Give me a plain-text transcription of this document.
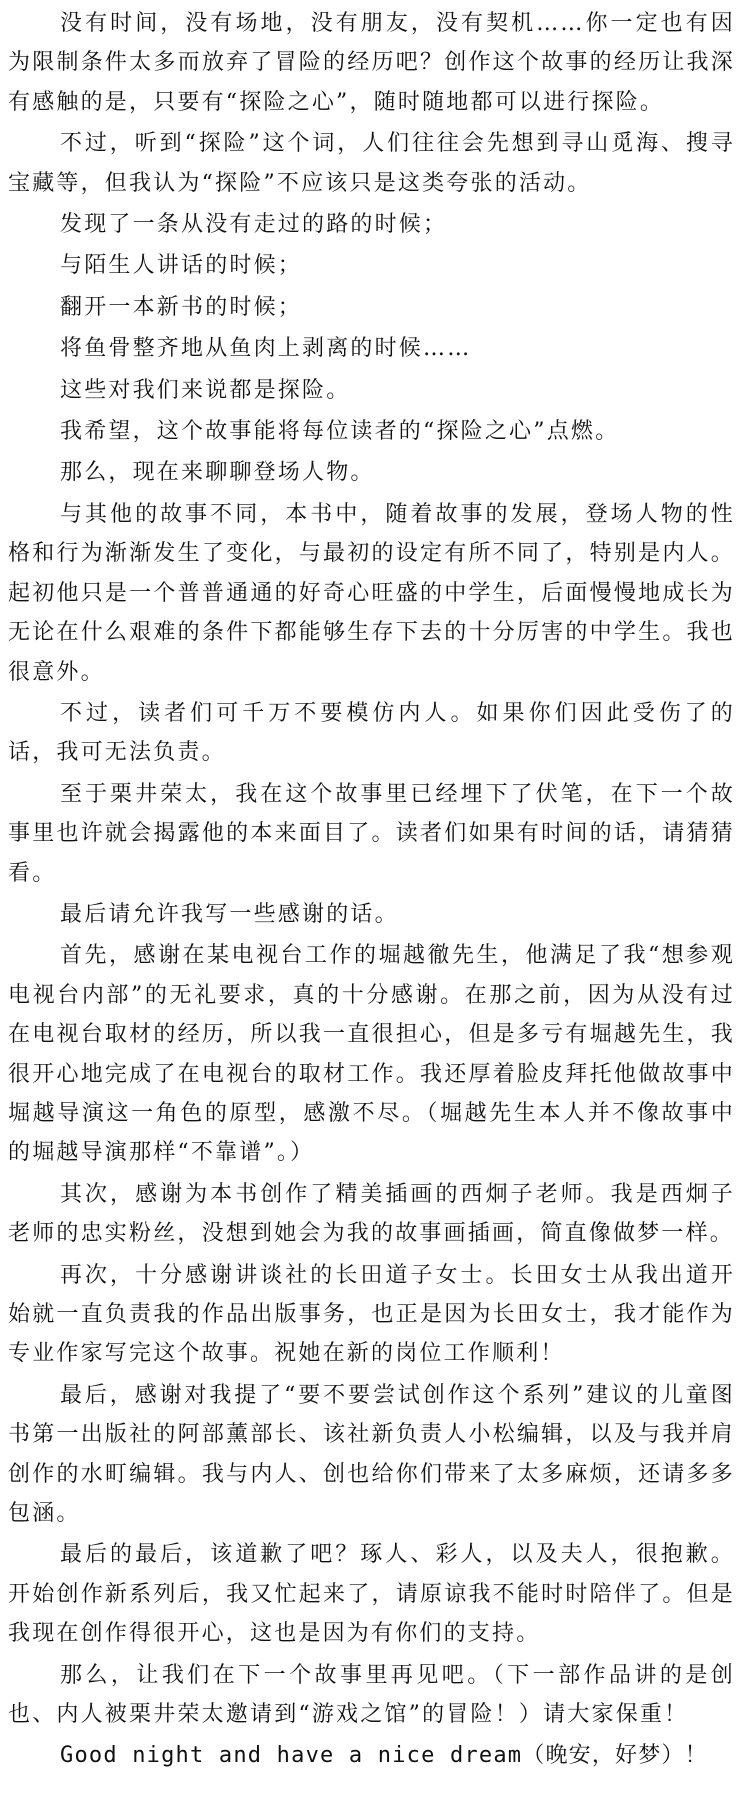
没有时间，没有场地，没有朋友，没有契机……你一定也有因为限制条件太多而放弃了冒险的经历吧？创作这个故事的经历让我深有感触的是，只要有“探险之心”，随时随地都可以进行探险。

不过，听到“探险”这个词，人们往往会先想到寻山觅海、搜寻宝藏等，但我认为“探险”不应该只是这类夸张的活动。

发现了一条从没有走过的路的时候；

与陌生人讲话的时候；

翻开一本新书的时候；

将鱼骨整齐地从鱼肉上剥离的时候……

这些对我们来说都是探险。

我希望，这个故事能将每位读者的“探险之心”点燃。

那么，现在来聊聊登场人物。

与其他的故事不同，本书中，随着故事的发展，登场人物的性格和行为渐渐发生了变化，与最初的设定有所不同了，特别是内人。起初他只是一个普普通通的好奇心旺盛的中学生，后面慢慢地成长为无论在什么艰难的条件下都能够生存下去的十分厉害的中学生。我也很意外。

不过，读者们可千万不要模仿内人。如果你们因此受伤了的话，我可无法负责。

至于栗井荣太，我在这个故事里已经埋下了伏笔，在下一个故事里也许就会揭露他的本来面目了。读者们如果有时间的话，请猜猜看。

最后请允许我写一些感谢的话。

首先，感谢在某电视台工作的堀越徹先生，他满足了我“想参观电视台内部”的无礼要求，真的十分感谢。在那之前，因为从没有过在电视台取材的经历，所以我一直很担心，但是多亏有堀越先生，我很开心地完成了在电视台的取材工作。我还厚着脸皮拜托他做故事中堀越导演这一角色的原型，感激不尽。（堀越先生本人并不像故事中的堀越导演那样“不靠谱”。）

其次，感谢为本书创作了精美插画的西炯子老师。我是西炯子老师的忠实粉丝，没想到她会为我的故事画插画，简直像做梦一样。

再次，十分感谢讲谈社的长田道子女士。长田女士从我出道开始就一直负责我的作品出版事务，也正是因为长田女士，我才能作为专业作家写完这个故事。祝她在新的岗位工作顺利！

最后，感谢对我提了“要不要尝试创作这个系列”建议的儿童图书第一出版社的阿部薰部长、该社新负责人小松编辑，以及与我并肩创作的水町编辑。我与内人、创也给你们带来了太多麻烦，还请多多包涵。

最后的最后，该道歉了吧？琢人、彩人，以及夫人，很抱歉。开始创作新系列后，我又忙起来了，请原谅我不能时时陪伴了。但是我现在创作得很开心，这也是因为有你们的支持。

那么，让我们在下一个故事里再见吧。（下一部作品讲的是创也、内人被栗井荣太邀请到“游戏之馆”的冒险！）请大家保重！

Good night and have a nice dream（晚安，好梦）！
